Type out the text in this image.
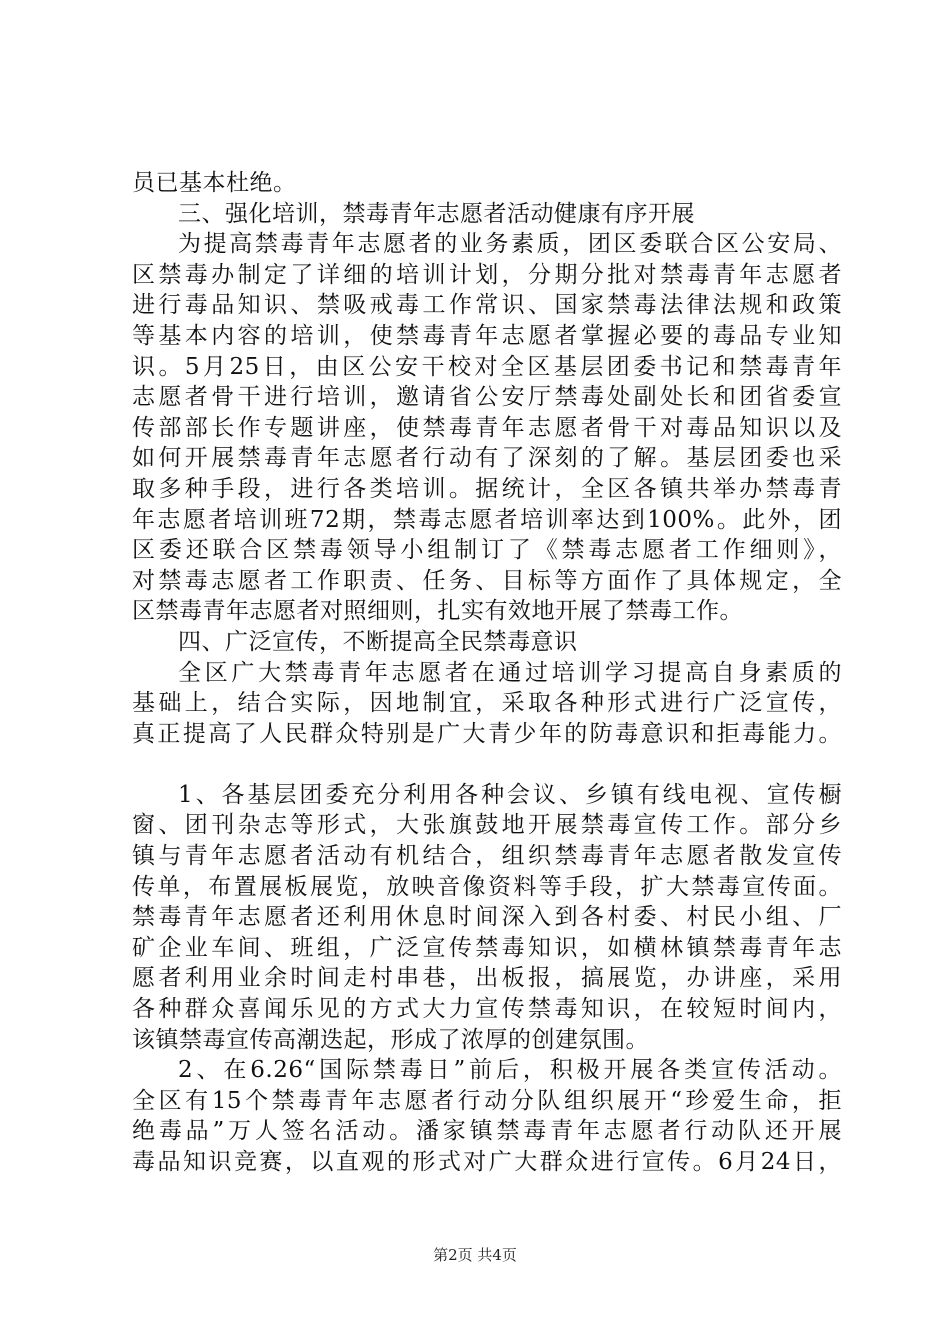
员已基本杜绝。
三、强化培训，禁毒青年志愿者活动健康有序开展
为提高禁毒青年志愿者的业务素质，团区委联合区公安局、
区禁毒办制定了详细的培训计划，分期分批对禁毒青年志愿者
进行毒品知识、禁吸戒毒工作常识、国家禁毒法律法规和政策
等基本内容的培训，使禁毒青年志愿者掌握必要的毒品专业知
识。5月25日，由区公安干校对全区基层团委书记和禁毒青年
志愿者骨干进行培训，邀请省公安厅禁毒处副处长和团省委宣
传部部长作专题讲座，使禁毒青年志愿者骨干对毒品知识以及
如何开展禁毒青年志愿者行动有了深刻的了解。基层团委也采
取多种手段，进行各类培训。据统计，全区各镇共举办禁毒青
年志愿者培训班72期，禁毒志愿者培训率达到100%。此外，团
区委还联合区禁毒领导小组制订了《禁毒志愿者工作细则》，
对禁毒志愿者工作职责、任务、目标等方面作了具体规定，全
区禁毒青年志愿者对照细则，扎实有效地开展了禁毒工作。
四、广泛宣传，不断提高全民禁毒意识
全区广大禁毒青年志愿者在通过培训学习提高自身素质的
基础上，结合实际，因地制宜，采取各种形式进行广泛宣传，
真正提高了人民群众特别是广大青少年的防毒意识和拒毒能力。
1、各基层团委充分利用各种会议、乡镇有线电视、宣传橱
窗、团刊杂志等形式，大张旗鼓地开展禁毒宣传工作。部分乡
镇与青年志愿者活动有机结合，组织禁毒青年志愿者散发宣传
传单，布置展板展览，放映音像资料等手段，扩大禁毒宣传面。
禁毒青年志愿者还利用休息时间深入到各村委、村民小组、厂
矿企业车间、班组，广泛宣传禁毒知识，如横林镇禁毒青年志
愿者利用业余时间走村串巷，出板报，搞展览，办讲座，采用
各种群众喜闻乐见的方式大力宣传禁毒知识，在较短时间内，
该镇禁毒宣传高潮迭起，形成了浓厚的创建氛围。
2、在6.26“国际禁毒日”前后，积极开展各类宣传活动。
全区有15个禁毒青年志愿者行动分队组织展开“珍爱生命，拒
绝毒品”万人签名活动。潘家镇禁毒青年志愿者行动队还开展
毒品知识竞赛，以直观的形式对广大群众进行宣传。6月24日，
第2页 共4页
